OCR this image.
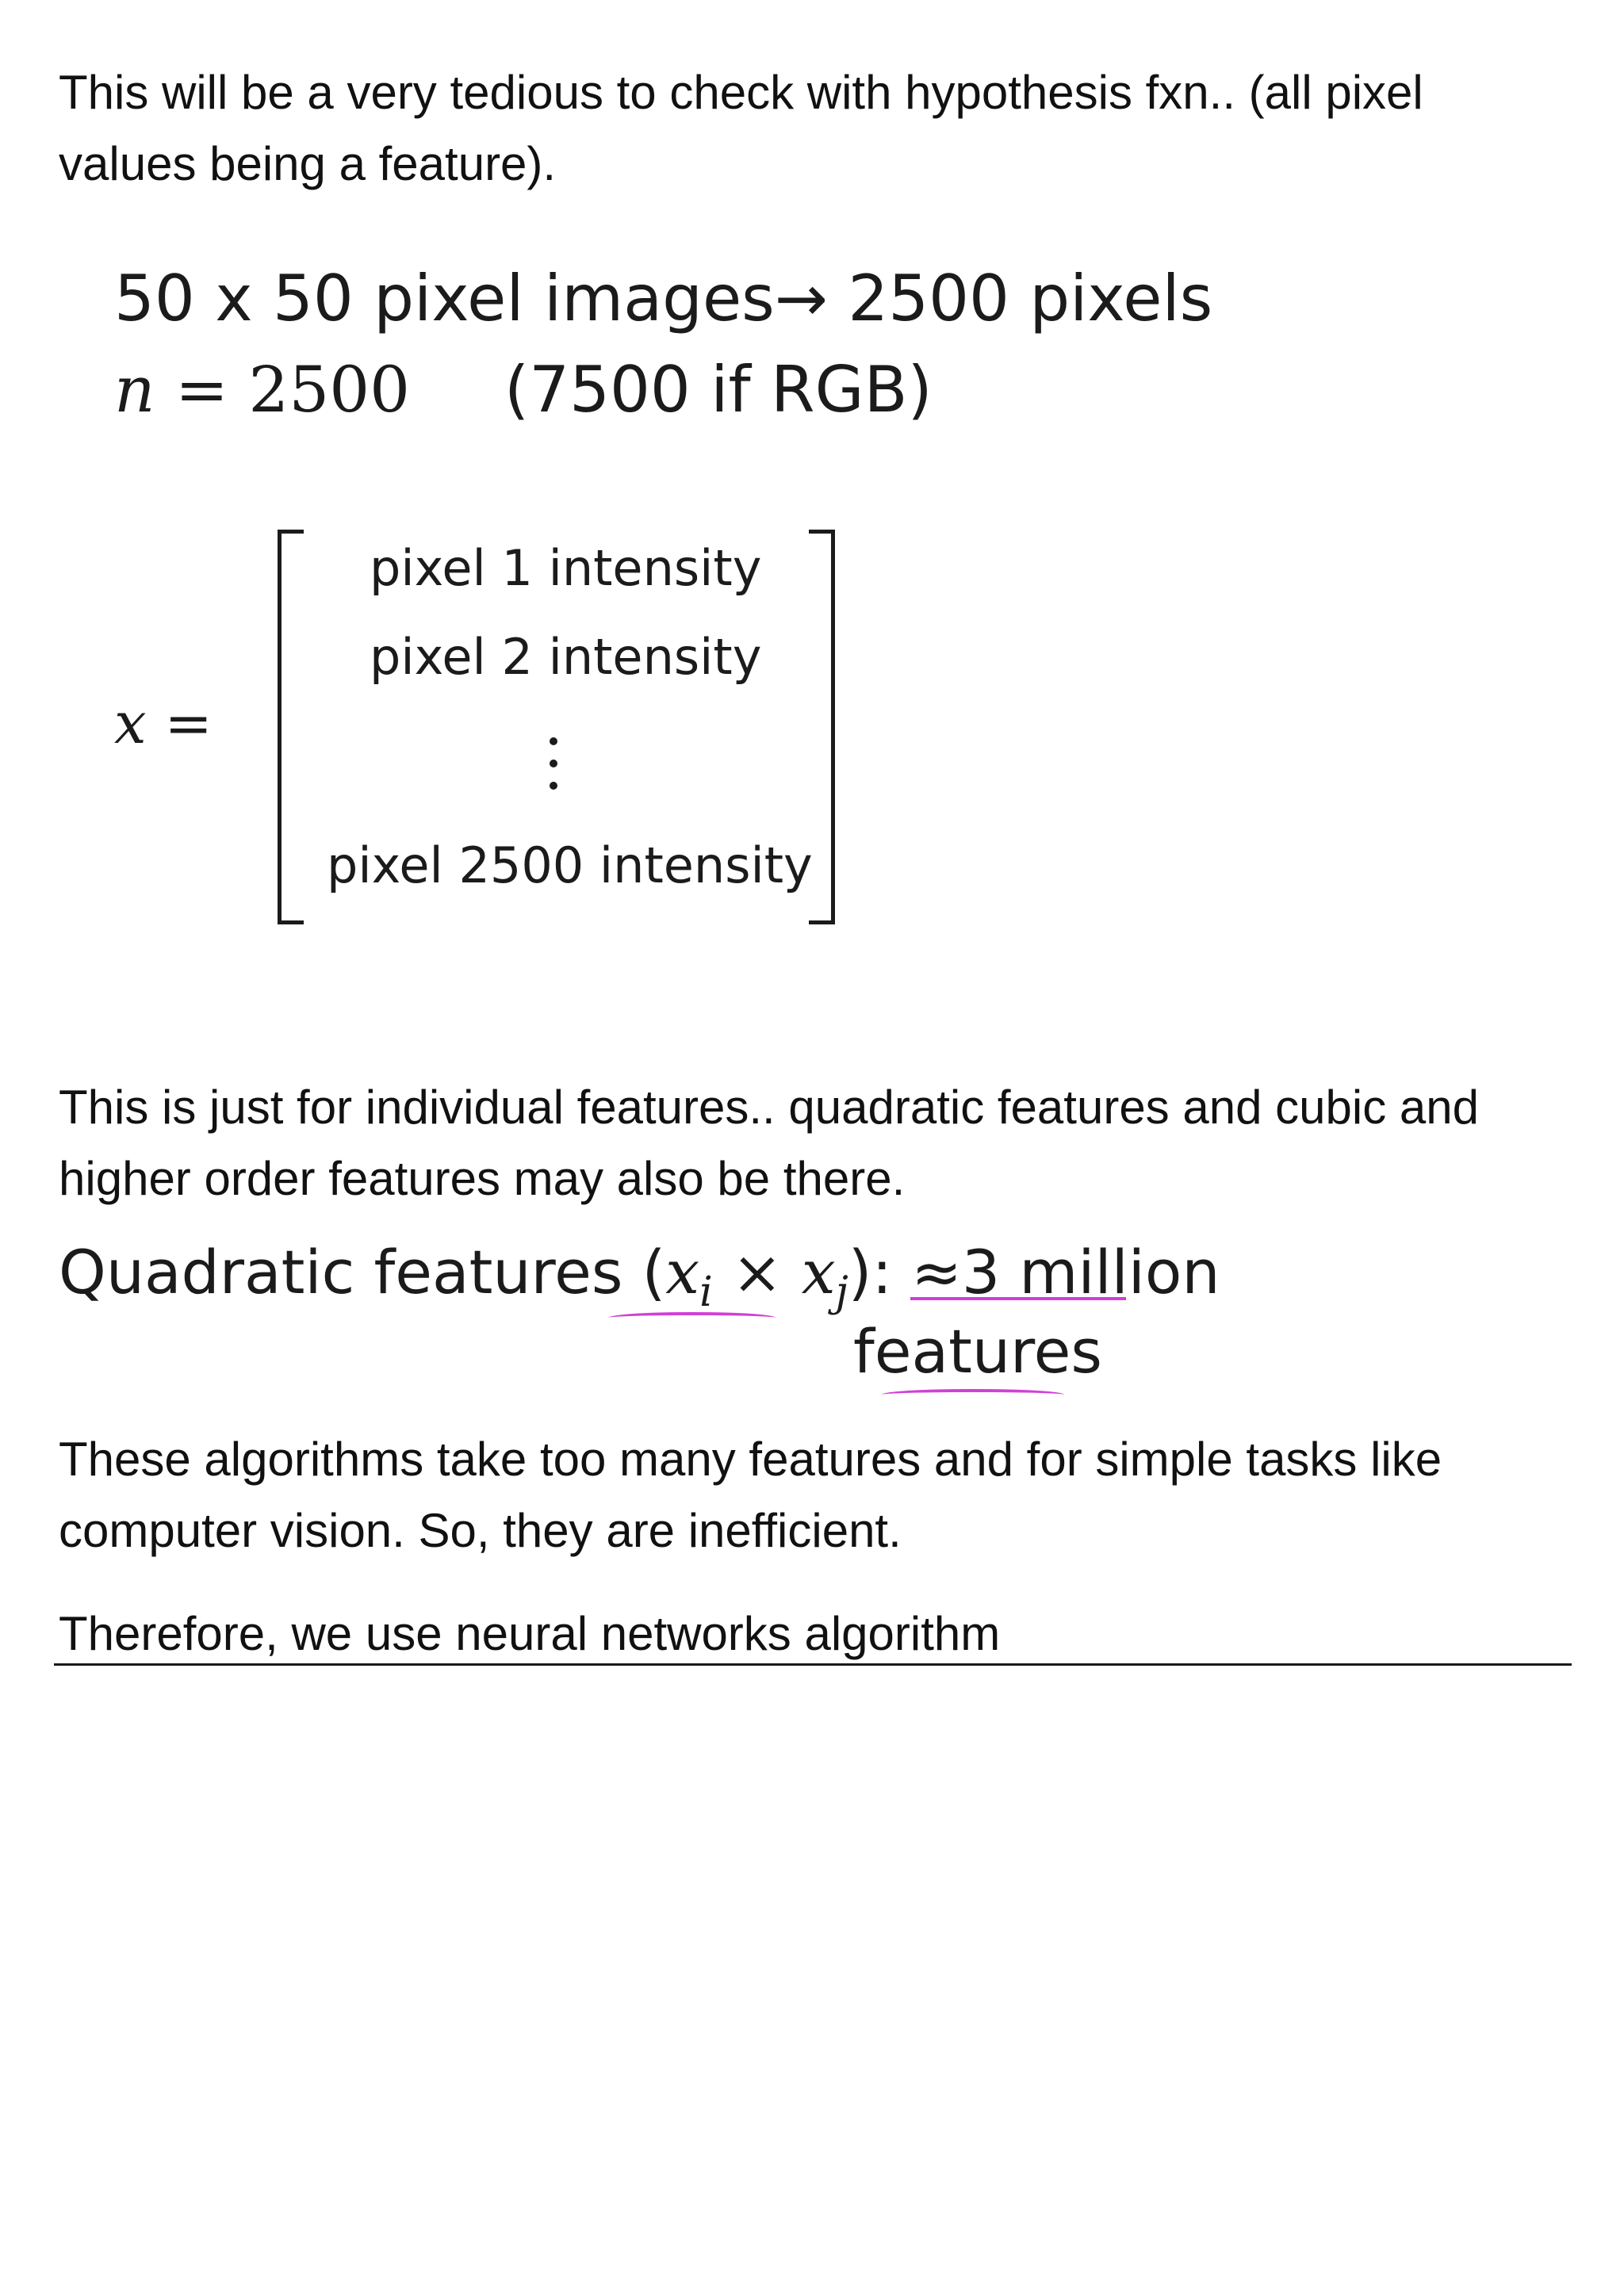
This will be a very tedious to check with hypothesis fxn.. (all pixel values being a feature).

50 x 50 pixel images→ 2500 pixels
n = 2500 (7500 if RGB)
x =
pixel 1 intensity
pixel 2 intensity
pixel 2500 intensity

This is just for individual features.. quadratic features and cubic and higher order features may also be there.

Quadratic features $(x_i \times x_j)$: ≈3 million
features

These algorithms take too many features and for simple tasks like computer vision. So, they are inefficient.

Therefore, we use neural networks algorithm
